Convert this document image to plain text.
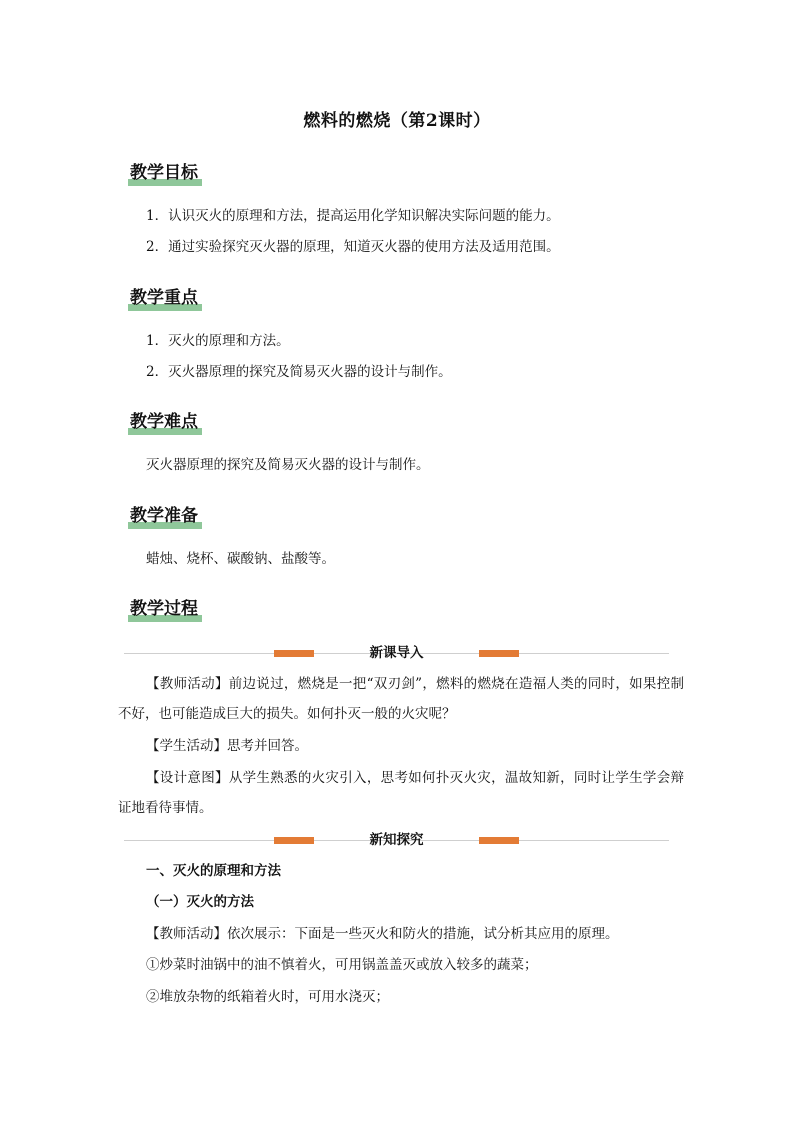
燃料的燃烧（第2课时）
教学目标
1．认识灭火的原理和方法，提高运用化学知识解决实际问题的能力。
2．通过实验探究灭火器的原理，知道灭火器的使用方法及适用范围。
教学重点
1．灭火的原理和方法。
2．灭火器原理的探究及简易灭火器的设计与制作。
教学难点
灭火器原理的探究及简易灭火器的设计与制作。
教学准备
蜡烛、烧杯、碳酸钠、盐酸等。
教学过程
新课导入
【教师活动】前边说过，燃烧是一把“双刃剑”，燃料的燃烧在造福人类的同时，如果控制不好，也可能造成巨大的损失。如何扑灭一般的火灾呢？
【学生活动】思考并回答。
【设计意图】从学生熟悉的火灾引入，思考如何扑灭火灾，温故知新，同时让学生学会辩证地看待事情。
新知探究
一、灭火的原理和方法
（一）灭火的方法
【教师活动】依次展示：下面是一些灭火和防火的措施，试分析其应用的原理。
①炒菜时油锅中的油不慎着火，可用锅盖盖灭或放入较多的蔬菜；
②堆放杂物的纸箱着火时，可用水浇灭；
